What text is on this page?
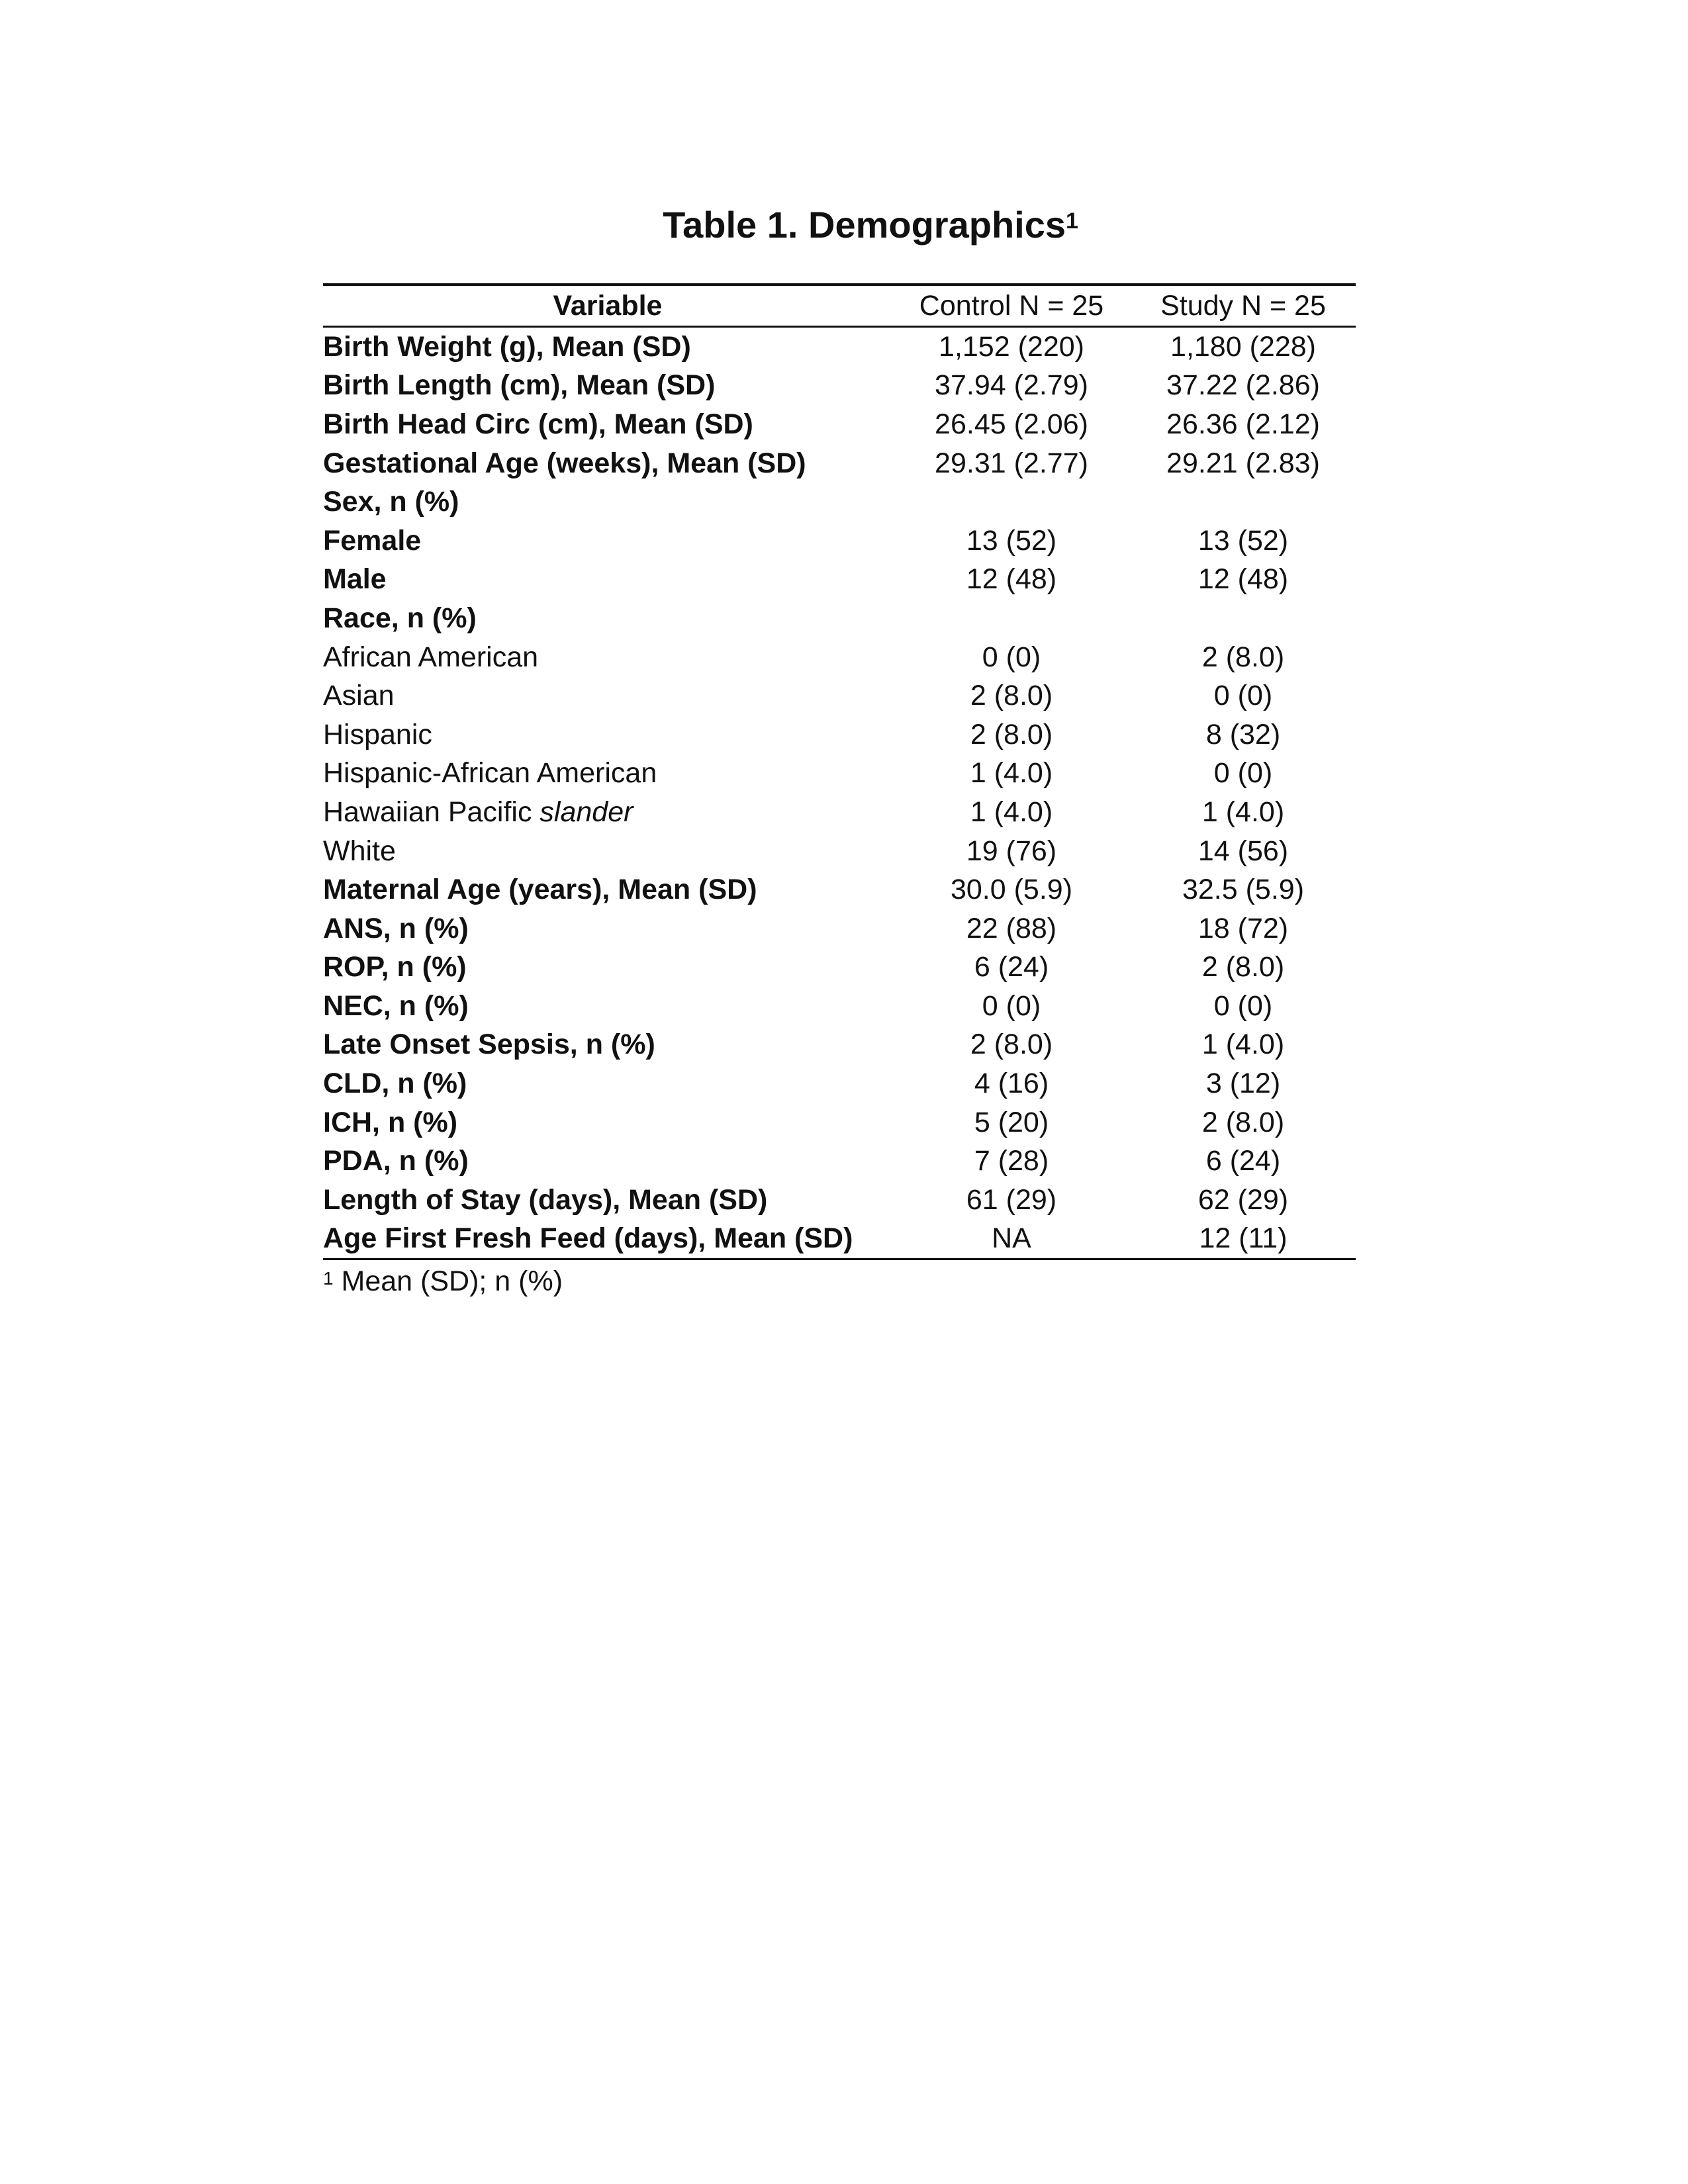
Table 1. Demographics$^1$
Variable	Control N = 25	Study N = 25
Birth Weight (g), Mean (SD)	1,152 (220)	1,180 (228)
Birth Length (cm), Mean (SD)	37.94 (2.79)	37.22 (2.86)
Birth Head Circ (cm), Mean (SD)	26.45 (2.06)	26.36 (2.12)
Gestational Age (weeks), Mean (SD)	29.31 (2.77)	29.21 (2.83)
Sex, n (%)		
Female	13 (52)	13 (52)
Male	12 (48)	12 (48)
Race, n (%)		
African American	0 (0)	2 (8.0)
Asian	2 (8.0)	0 (0)
Hispanic	2 (8.0)	8 (32)
Hispanic-African American	1 (4.0)	0 (0)
Hawaiian Pacific slander	1 (4.0)	1 (4.0)
White	19 (76)	14 (56)
Maternal Age (years), Mean (SD)	30.0 (5.9)	32.5 (5.9)
ANS, n (%)	22 (88)	18 (72)
ROP, n (%)	6 (24)	2 (8.0)
NEC, n (%)	0 (0)	0 (0)
Late Onset Sepsis, n (%)	2 (8.0)	1 (4.0)
CLD, n (%)	4 (16)	3 (12)
ICH, n (%)	5 (20)	2 (8.0)
PDA, n (%)	7 (28)	6 (24)
Length of Stay (days), Mean (SD)	61 (29)	62 (29)
Age First Fresh Feed (days), Mean (SD)	NA	12 (11)
$^1$ Mean (SD); n (%)
